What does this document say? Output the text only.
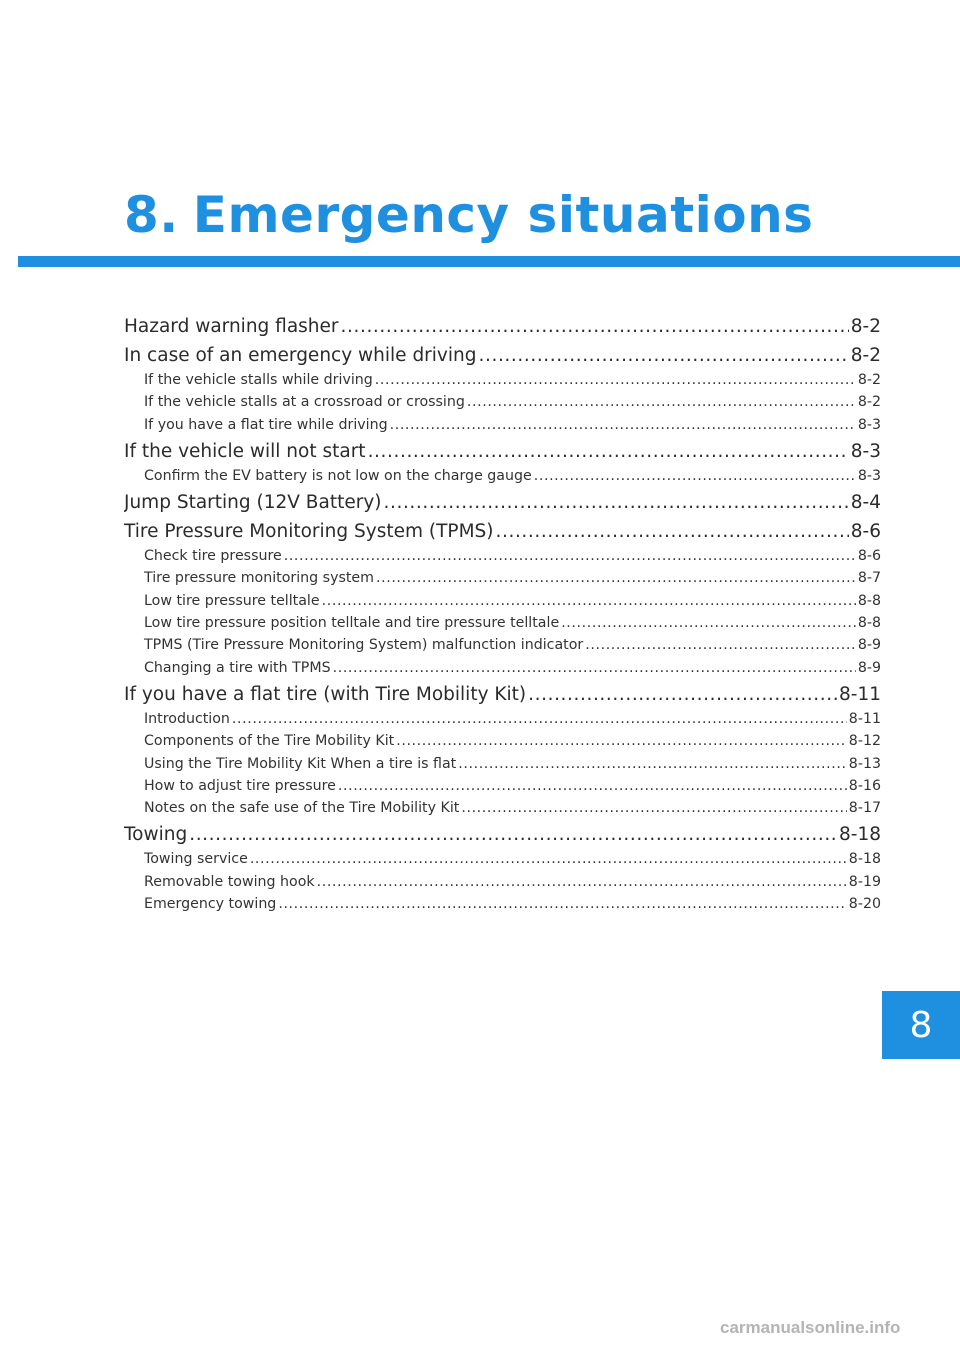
8. Emergency situations
Hazard warning flasher .....	8-2
In case of an emergency while driving .....	8-2
If the vehicle stalls while driving .....	8-2
If the vehicle stalls at a crossroad or crossing .....	8-2
If you have a flat tire while driving .....	8-3
If the vehicle will not start .....	8-3
Confirm the EV battery is not low on the charge gauge .....	8-3
Jump Starting (12V Battery) .....	8-4
Tire Pressure Monitoring System (TPMS) .....	8-6
Check tire pressure .....	8-6
Tire pressure monitoring system .....	8-7
Low tire pressure telltale .....	8-8
Low tire pressure position telltale and tire pressure telltale .....	8-8
TPMS (Tire Pressure Monitoring System) malfunction indicator .....	8-9
Changing a tire with TPMS .....	8-9
If you have a flat tire (with Tire Mobility Kit) .....	8-11
Introduction .....	8-11
Components of the Tire Mobility Kit .....	8-12
Using the Tire Mobility Kit When a tire is flat .....	8-13
How to adjust tire pressure .....	8-16
Notes on the safe use of the Tire Mobility Kit .....	8-17
Towing .....	8-18
Towing service .....	8-18
Removable towing hook .....	8-19
Emergency towing .....	8-20
8
carmanualsonline.info
